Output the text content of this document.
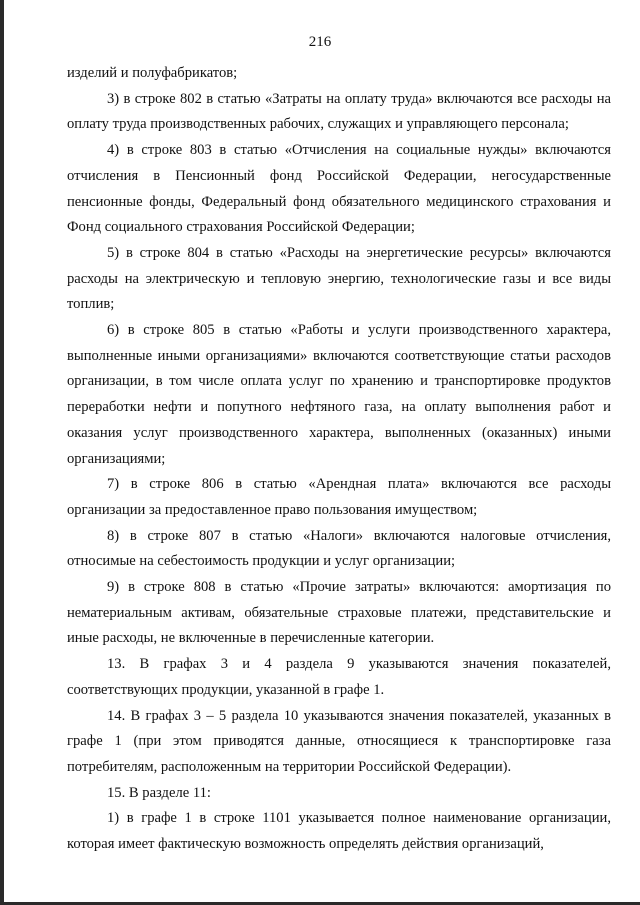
216

изделий и полуфабрикатов;

3) в строке 802 в статью «Затраты на оплату труда» включаются все расходы на оплату труда производственных рабочих, служащих и управляющего персонала;

4) в строке 803 в статью «Отчисления на социальные нужды» включаются отчисления в Пенсионный фонд Российской Федерации, негосударственные пенсионные фонды, Федеральный фонд обязательного медицинского страхования и Фонд социального страхования Российской Федерации;

5) в строке 804 в статью «Расходы на энергетические ресурсы» включаются расходы на электрическую и тепловую энергию, технологические газы и все виды топлив;

6) в строке 805 в статью «Работы и услуги производственного характера, выполненные иными организациями» включаются соответствующие статьи расходов организации, в том числе оплата услуг по хранению и транспортировке продуктов переработки нефти и попутного нефтяного газа, на оплату выполнения работ и оказания услуг производственного характера, выполненных (оказанных) иными организациями;

7) в строке 806 в статью «Арендная плата» включаются все расходы организации за предоставленное право пользования имуществом;

8) в строке 807 в статью «Налоги» включаются налоговые отчисления, относимые на себестоимость продукции и услуг организации;

9) в строке 808 в статью «Прочие затраты» включаются: амортизация по нематериальным активам, обязательные страховые платежи, представительские и иные расходы, не включенные в перечисленные категории.

13. В графах 3 и 4 раздела 9 указываются значения показателей, соответствующих продукции, указанной в графе 1.

14. В графах 3 – 5 раздела 10 указываются значения показателей, указанных в графе 1 (при этом приводятся данные, относящиеся к транспортировке газа потребителям, расположенным на территории Российской Федерации).

15. В разделе 11:

1) в графе 1 в строке 1101 указывается полное наименование организации, которая имеет фактическую возможность определять действия организаций,
